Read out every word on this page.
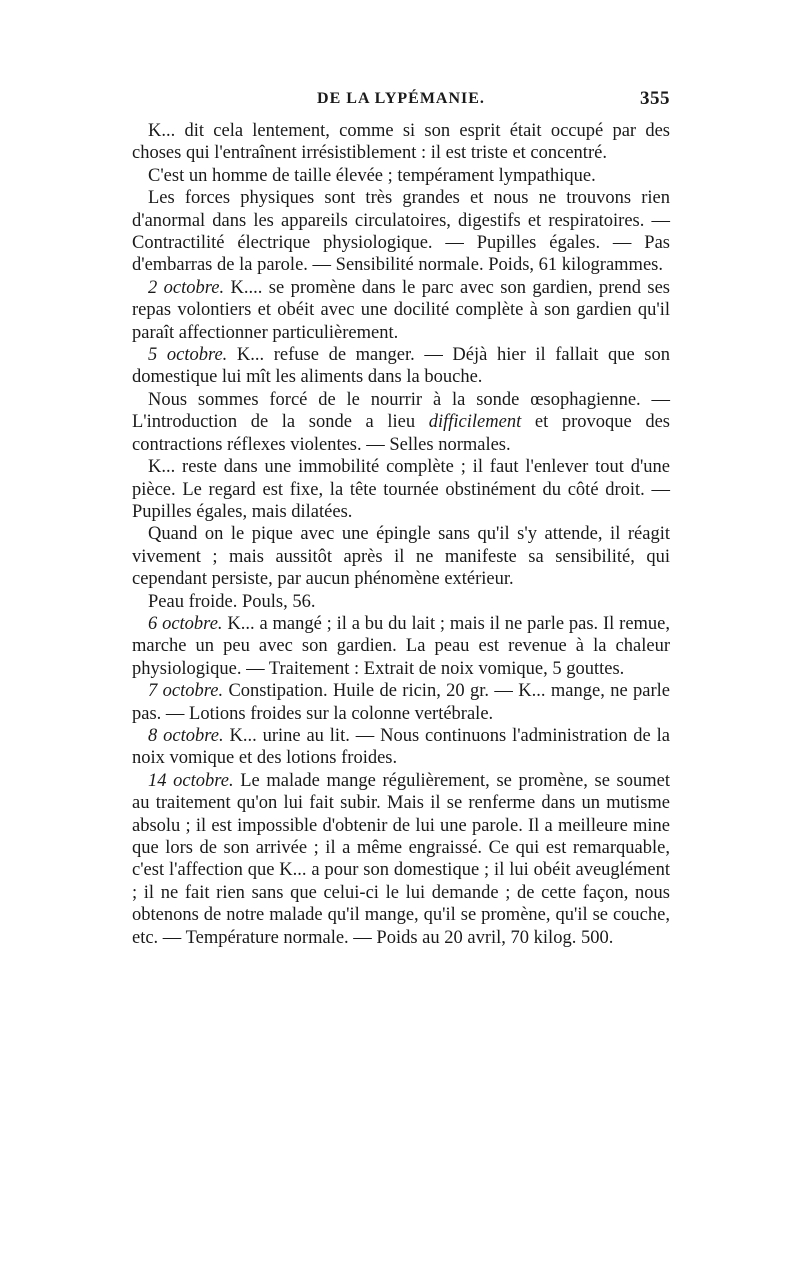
DE LA LYPÉMANIE.	355

K... dit cela lentement, comme si son esprit était occupé par des choses qui l'entraînent irrésistiblement : il est triste et concentré.

C'est un homme de taille élevée ; tempérament lympathique.

Les forces physiques sont très grandes et nous ne trouvons rien d'anormal dans les appareils circulatoires, digestifs et respiratoires. — Contractilité électrique physiologique. — Pupilles égales. — Pas d'embarras de la parole. — Sensibilité normale. Poids, 61 kilogrammes.

2 octobre. K.... se promène dans le parc avec son gardien, prend ses repas volontiers et obéit avec une docilité complète à son gardien qu'il paraît affectionner particulièrement.

5 octobre. K... refuse de manger. — Déjà hier il fallait que son domestique lui mît les aliments dans la bouche.

Nous sommes forcé de le nourrir à la sonde œsophagienne. — L'introduction de la sonde a lieu difficilement et provoque des contractions réflexes violentes. — Selles normales.

K... reste dans une immobilité complète ; il faut l'enlever tout d'une pièce. Le regard est fixe, la tête tournée obstinément du côté droit. — Pupilles égales, mais dilatées.

Quand on le pique avec une épingle sans qu'il s'y attende, il réagit vivement ; mais aussitôt après il ne manifeste sa sensibilité, qui cependant persiste, par aucun phénomène extérieur.

Peau froide. Pouls, 56.

6 octobre. K... a mangé ; il a bu du lait ; mais il ne parle pas. Il remue, marche un peu avec son gardien. La peau est revenue à la chaleur physiologique. — Traitement : Extrait de noix vomique, 5 gouttes.

7 octobre. Constipation. Huile de ricin, 20 gr. — K... mange, ne parle pas. — Lotions froides sur la colonne vertébrale.

8 octobre. K... urine au lit. — Nous continuons l'administration de la noix vomique et des lotions froides.

14 octobre. Le malade mange régulièrement, se promène, se soumet au traitement qu'on lui fait subir. Mais il se renferme dans un mutisme absolu ; il est impossible d'obtenir de lui une parole. Il a meilleure mine que lors de son arrivée ; il a même engraissé. Ce qui est remarquable, c'est l'affection que K... a pour son domestique ; il lui obéit aveuglément ; il ne fait rien sans que celui-ci le lui demande ; de cette façon, nous obtenons de notre malade qu'il mange, qu'il se promène, qu'il se couche, etc. — Température normale. — Poids au 20 avril, 70 kilog. 500.
